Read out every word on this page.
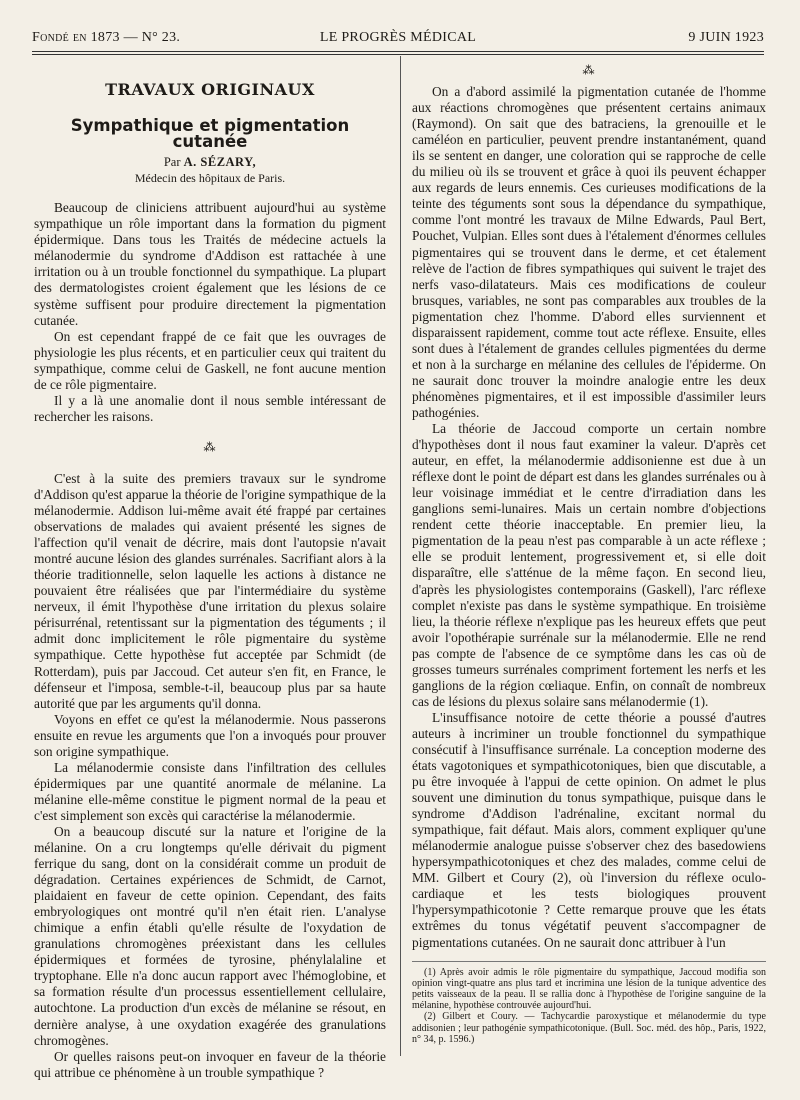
Fondé en 1873 — N° 23.	LE PROGRÈS MÉDICAL	9 JUIN 1923
TRAVAUX ORIGINAUX
Sympathique et pigmentation cutanée
Par A. SÉZARY,
Médecin des hôpitaux de Paris.

Beaucoup de cliniciens attribuent aujourd'hui au système sympathique un rôle important dans la formation du pigment épidermique. Dans tous les Traités de médecine actuels la mélanodermie du syndrome d'Addison est rattachée à une irritation ou à un trouble fonctionnel du sympathique. La plupart des dermatologistes croient également que les lésions de ce système suffisent pour produire directement la pigmentation cutanée.

On est cependant frappé de ce fait que les ouvrages de physiologie les plus récents, et en particulier ceux qui traitent du sympathique, comme celui de Gaskell, ne font aucune mention de ce rôle pigmentaire.

Il y a là une anomalie dont il nous semble intéressant de rechercher les raisons.

⁂

C'est à la suite des premiers travaux sur le syndrome d'Addison qu'est apparue la théorie de l'origine sympathique de la mélanodermie. Addison lui-même avait été frappé par certaines observations de malades qui avaient présenté les signes de l'affection qu'il venait de décrire, mais dont l'autopsie n'avait montré aucune lésion des glandes surrénales. Sacrifiant alors à la théorie traditionnelle, selon laquelle les actions à distance ne pouvaient être réalisées que par l'intermédiaire du système nerveux, il émit l'hypothèse d'une irritation du plexus solaire périsurrénal, retentissant sur la pigmentation des téguments ; il admit donc implicitement le rôle pigmentaire du système sympathique. Cette hypothèse fut acceptée par Schmidt (de Rotterdam), puis par Jaccoud. Cet auteur s'en fit, en France, le défenseur et l'imposa, semble-t-il, beaucoup plus par sa haute autorité que par les arguments qu'il donna.

Voyons en effet ce qu'est la mélanodermie. Nous passerons ensuite en revue les arguments que l'on a invoqués pour prouver son origine sympathique.

La mélanodermie consiste dans l'infiltration des cellules épidermiques par une quantité anormale de mélanine. La mélanine elle-même constitue le pigment normal de la peau et c'est simplement son excès qui caractérise la mélanodermie.

On a beaucoup discuté sur la nature et l'origine de la mélanine. On a cru longtemps qu'elle dérivait du pigment ferrique du sang, dont on la considérait comme un produit de dégradation. Certaines expériences de Schmidt, de Carnot, plaidaient en faveur de cette opinion. Cependant, des faits embryologiques ont montré qu'il n'en était rien. L'analyse chimique a enfin établi qu'elle résulte de l'oxydation de granulations chromogènes préexistant dans les cellules épidermiques et formées de tyrosine, phénylalaline et tryptophane. Elle n'a donc aucun rapport avec l'hémoglobine, et sa formation résulte d'un processus essentiellement cellulaire, autochtone. La production d'un excès de mélanine se résout, en dernière analyse, à une oxydation exagérée des granulations chromogènes.

Or quelles raisons peut-on invoquer en faveur de la théorie qui attribue ce phénomène à un trouble sympathique ?

⁂

On a d'abord assimilé la pigmentation cutanée de l'homme aux réactions chromogènes que présentent certains animaux (Raymond). On sait que des batraciens, la grenouille et le caméléon en particulier, peuvent prendre instantanément, quand ils se sentent en danger, une coloration qui se rapproche de celle du milieu où ils se trouvent et grâce à quoi ils peuvent échapper aux regards de leurs ennemis. Ces curieuses modifications de la teinte des téguments sont sous la dépendance du sympathique, comme l'ont montré les travaux de Milne Edwards, Paul Bert, Pouchet, Vulpian. Elles sont dues à l'étalement d'énormes cellules pigmentaires qui se trouvent dans le derme, et cet étalement relève de l'action de fibres sympathiques qui suivent le trajet des nerfs vaso-dilatateurs. Mais ces modifications de couleur brusques, variables, ne sont pas comparables aux troubles de la pigmentation chez l'homme. D'abord elles surviennent et disparaissent rapidement, comme tout acte réflexe. Ensuite, elles sont dues à l'étalement de grandes cellules pigmentées du derme et non à la surcharge en mélanine des cellules de l'épiderme. On ne saurait donc trouver la moindre analogie entre les deux phénomènes pigmentaires, et il est impossible d'assimiler leurs pathogénies.

La théorie de Jaccoud comporte un certain nombre d'hypothèses dont il nous faut examiner la valeur. D'après cet auteur, en effet, la mélanodermie addisonienne est due à un réflexe dont le point de départ est dans les glandes surrénales ou à leur voisinage immédiat et le centre d'irradiation dans les ganglions semi-lunaires. Mais un certain nombre d'objections rendent cette théorie inacceptable. En premier lieu, la pigmentation de la peau n'est pas comparable à un acte réflexe ; elle se produit lentement, progressivement et, si elle doit disparaître, elle s'atténue de la même façon. En second lieu, d'après les physiologistes contemporains (Gaskell), l'arc réflexe complet n'existe pas dans le système sympathique. En troisième lieu, la théorie réflexe n'explique pas les heureux effets que peut avoir l'opothérapie surrénale sur la mélanodermie. Elle ne rend pas compte de l'absence de ce symptôme dans les cas où de grosses tumeurs surrénales compriment fortement les nerfs et les ganglions de la région cœliaque. Enfin, on connaît de nombreux cas de lésions du plexus solaire sans mélanodermie (1).

L'insuffisance notoire de cette théorie a poussé d'autres auteurs à incriminer un trouble fonctionnel du sympathique consécutif à l'insuffisance surrénale. La conception moderne des états vagotoniques et sympathicotoniques, bien que discutable, a pu être invoquée à l'appui de cette opinion. On admet le plus souvent une diminution du tonus sympathique, puisque dans le syndrome d'Addison l'adrénaline, excitant normal du sympathique, fait défaut. Mais alors, comment expliquer qu'une mélanodermie analogue puisse s'observer chez des basedowiens hypersympathicotoniques et chez des malades, comme celui de MM. Gilbert et Coury (2), où l'inversion du réflexe oculo-cardiaque et les tests biologiques prouvent l'hypersympathicotonie ? Cette remarque prouve que les états extrêmes du tonus végétatif peuvent s'accompagner de pigmentations cutanées. On ne saurait donc attribuer à l'un

(1) Après avoir admis le rôle pigmentaire du sympathique, Jaccoud modifia son opinion vingt-quatre ans plus tard et incrimina une lésion de la tunique adventice des petits vaisseaux de la peau. Il se rallia donc à l'hypothèse de l'origine sanguine de la mélanine, hypothèse controuvée aujourd'hui.

(2) Gilbert et Coury. — Tachycardie paroxystique et mélanodermie du type addisonien ; leur pathogénie sympathicotonique. (Bull. Soc. méd. des hôp., Paris, 1922, n° 34, p. 1596.)
